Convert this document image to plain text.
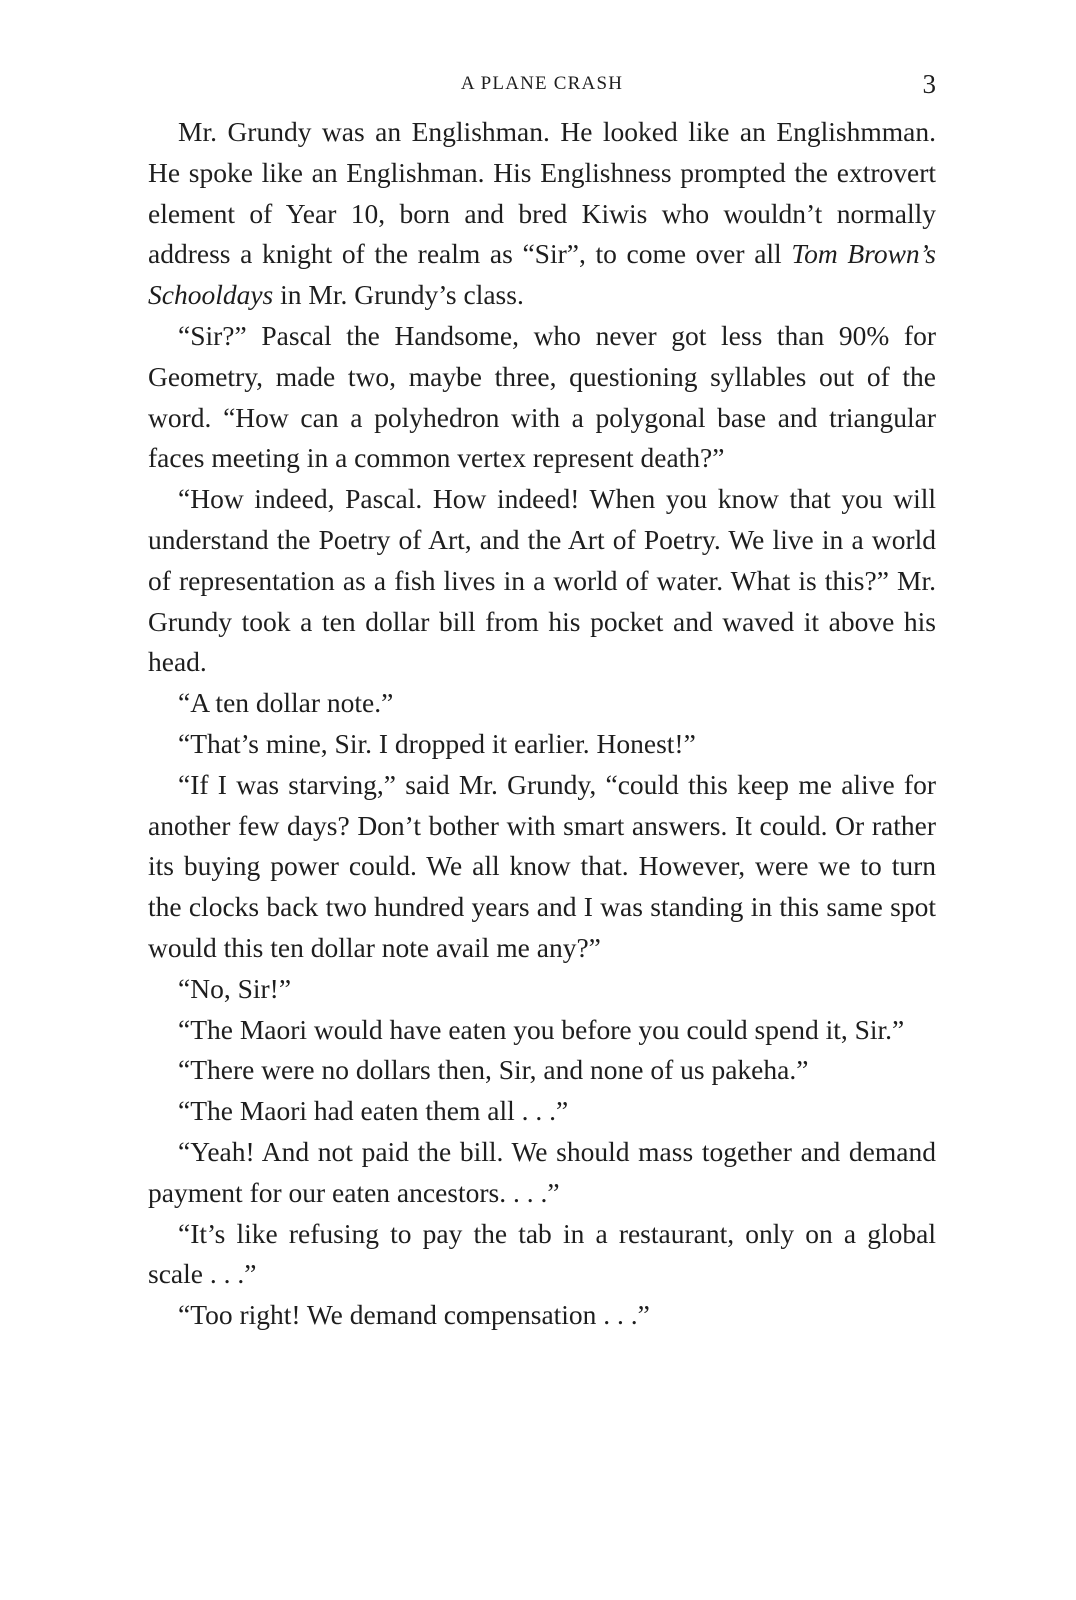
A PLANE CRASH	3

Mr. Grundy was an Englishman. He looked like an Englishmman. He spoke like an Englishman. His Englishness prompted the extrovert element of Year 10, born and bred Kiwis who wouldn’t normally address a knight of the realm as “Sir”, to come over all Tom Brown’s Schooldays in Mr. Grundy’s class.

“Sir?” Pascal the Handsome, who never got less than 90% for Geometry, made two, maybe three, questioning syllables out of the word. “How can a polyhedron with a polygonal base and triangular faces meeting in a common vertex represent death?”

“How indeed, Pascal. How indeed! When you know that you will understand the Poetry of Art, and the Art of Poetry. We live in a world of representation as a fish lives in a world of water. What is this?” Mr. Grundy took a ten dollar bill from his pocket and waved it above his head.

“A ten dollar note.”

“That’s mine, Sir. I dropped it earlier. Honest!”

“If I was starving,” said Mr. Grundy, “could this keep me alive for another few days? Don’t bother with smart answers. It could. Or rather its buying power could. We all know that. However, were we to turn the clocks back two hundred years and I was standing in this same spot would this ten dollar note avail me any?”

“No, Sir!”

“The Maori would have eaten you before you could spend it, Sir.”

“There were no dollars then, Sir, and none of us pakeha.”

“The Maori had eaten them all . . .”

“Yeah! And not paid the bill. We should mass together and demand payment for our eaten ancestors. . . .”

“It’s like refusing to pay the tab in a restaurant, only on a global scale . . .”

“Too right! We demand compensation . . .”
